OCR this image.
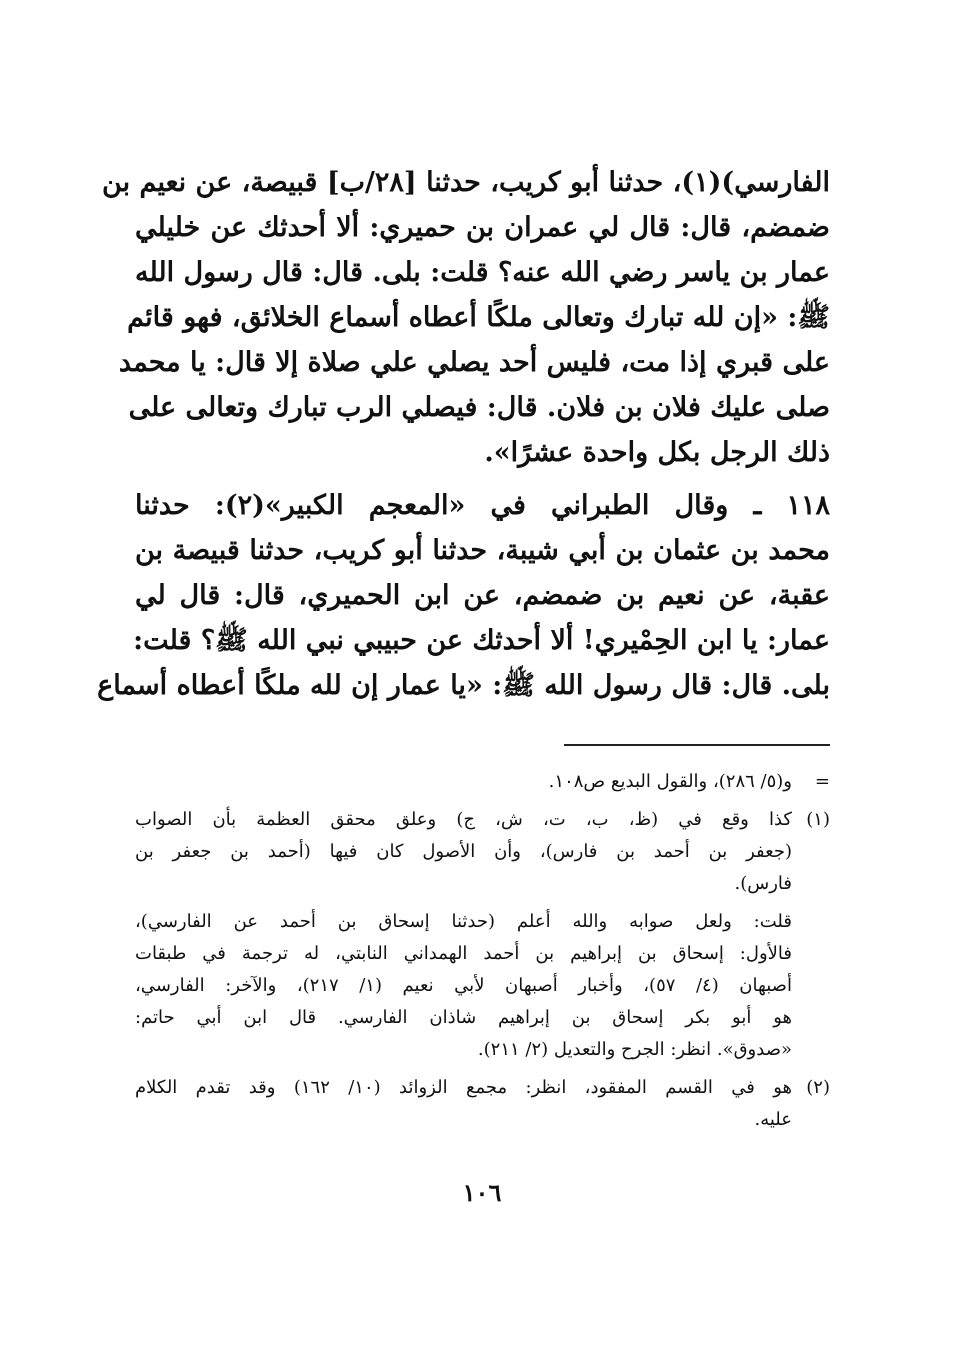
الفارسي)(١)، حدثنا أبو كريب، حدثنا [٢٨/ب] قبيصة، عن نعيم بن
ضمضم، قال: قال لي عمران بن حميري: ألا أحدثك عن خليلي
عمار بن ياسر رضي الله عنه؟ قلت: بلى. قال: قال رسول الله
ﷺ: «إن لله تبارك وتعالى ملكًا أعطاه أسماع الخلائق، فهو قائم
على قبري إذا مت، فليس أحد يصلي علي صلاة إلا قال: يا محمد
صلى عليك فلان بن فلان. قال: فيصلي الرب تبارك وتعالى على
ذلك الرجل بكل واحدة عشرًا».
١١٨ ـ وقال الطبراني في «المعجم الكبير»(٢): حدثنا
محمد بن عثمان بن أبي شيبة، حدثنا أبو كريب، حدثنا قبيصة بن
عقبة، عن نعيم بن ضمضم، عن ابن الحميري، قال: قال لي
عمار: يا ابن الحِمْيري! ألا أحدثك عن حبيبي نبي الله ﷺ؟ قلت:
بلى. قال: قال رسول الله ﷺ: «يا عمار إن لله ملكًا أعطاه أسماع
=و(٥/ ٢٨٦)، والقول البديع ص١٠٨.
(١)كذا وقع في (ظ، ب، ت، ش، ج) وعلق محقق العظمة بأن الصواب
(جعفر بن أحمد بن فارس)، وأن الأصول كان فيها (أحمد بن جعفر بن
فارس).
قلت: ولعل صوابه والله أعلم (حدثنا إسحاق بن أحمد عن الفارسي)،
فالأول: إسحاق بن إبراهيم بن أحمد الهمداني النابتي، له ترجمة في طبقات
أصبهان (٤/ ٥٧)، وأخبار أصبهان لأبي نعيم (١/ ٢١٧)، والآخر: الفارسي،
هو أبو بكر إسحاق بن إبراهيم شاذان الفارسي. قال ابن أبي حاتم:
«صدوق». انظر: الجرح والتعديل (٢/ ٢١١).
(٢)هو في القسم المفقود، انظر: مجمع الزوائد (١٠/ ١٦٢) وقد تقدم الكلام
عليه.
١٠٦
